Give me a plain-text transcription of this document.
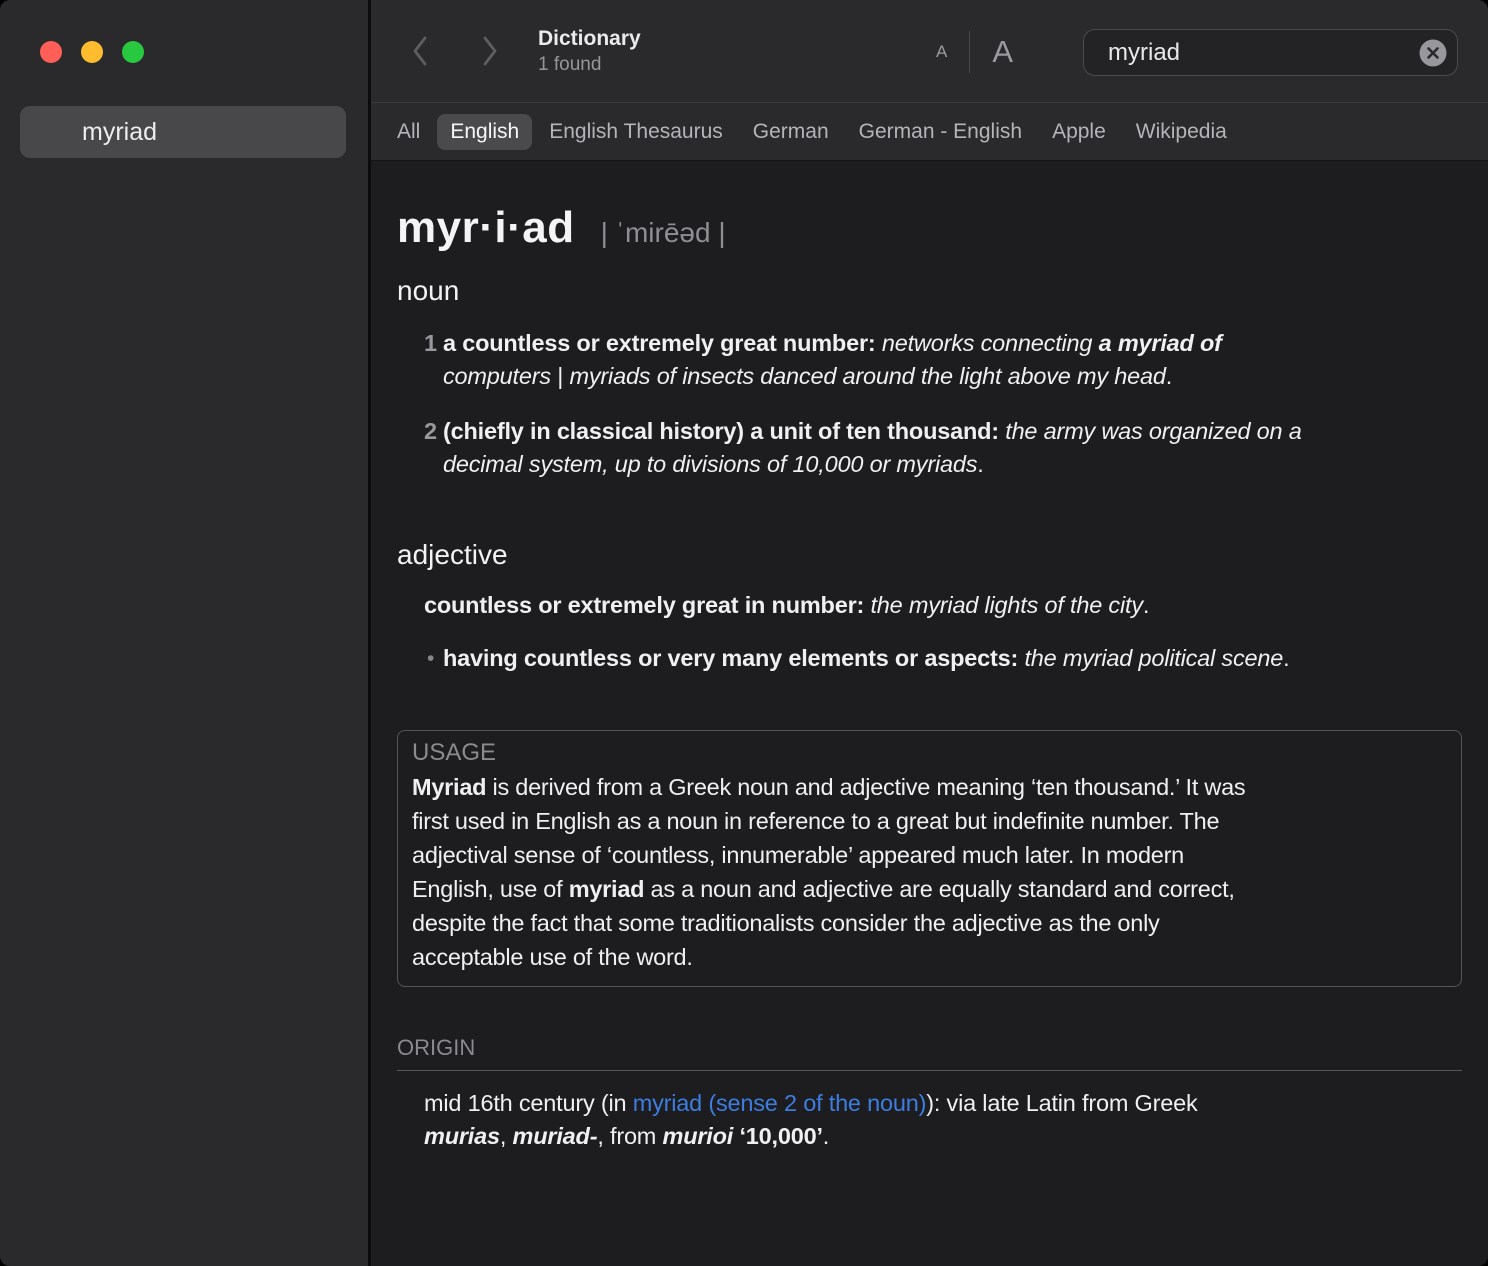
myriad
Dictionary
1 found
A A
myriad
All	English	English Thesaurus	German	German - English	Apple	Wikipedia
myr·i·ad | ˈmirēəd |
noun
1 a countless or extremely great number: networks connecting a myriad of
computers | myriads of insects danced around the light above my head.
2 (chiefly in classical history) a unit of ten thousand: the army was organized on a
decimal system, up to divisions of 10,000 or myriads.
adjective
countless or extremely great in number: the myriad lights of the city.
• having countless or very many elements or aspects: the myriad political scene.
USAGE
Myriad is derived from a Greek noun and adjective meaning ‘ten thousand.’ It was
first used in English as a noun in reference to a great but indefinite number. The
adjectival sense of ‘countless, innumerable’ appeared much later. In modern
English, use of myriad as a noun and adjective are equally standard and correct,
despite the fact that some traditionalists consider the adjective as the only
acceptable use of the word.
ORIGIN
mid 16th century (in myriad (sense 2 of the noun)): via late Latin from Greek
murias, muriad-, from murioi ‘10,000’.
